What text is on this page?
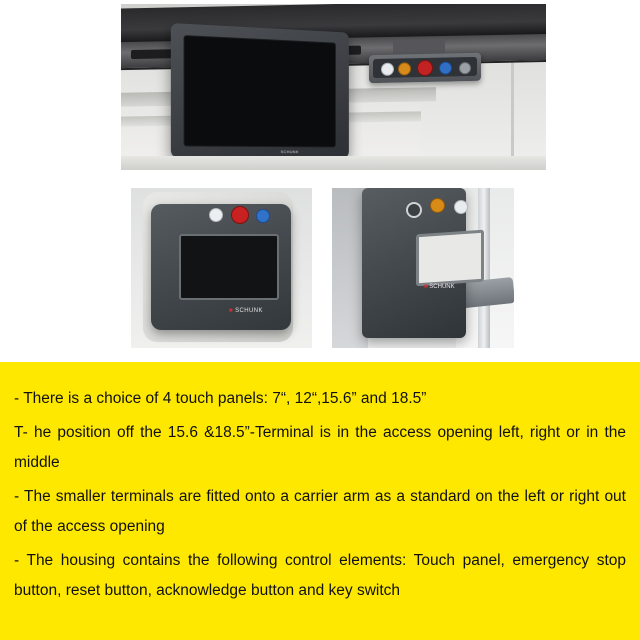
SCHUNK
■ SCHUNK
■ SCHUNK

- There is a choice of 4 touch panels: 7“, 12“,15.6” and 18.5”

T- he position off the 15.6 &18.5”-Terminal is in the access opening left, right or in the middle

- The smaller terminals are fitted onto a carrier arm as a standard on the left or right out of the access opening

- The housing contains the following control elements: Touch panel, emergency stop button, reset button, acknowledge button and key switch
